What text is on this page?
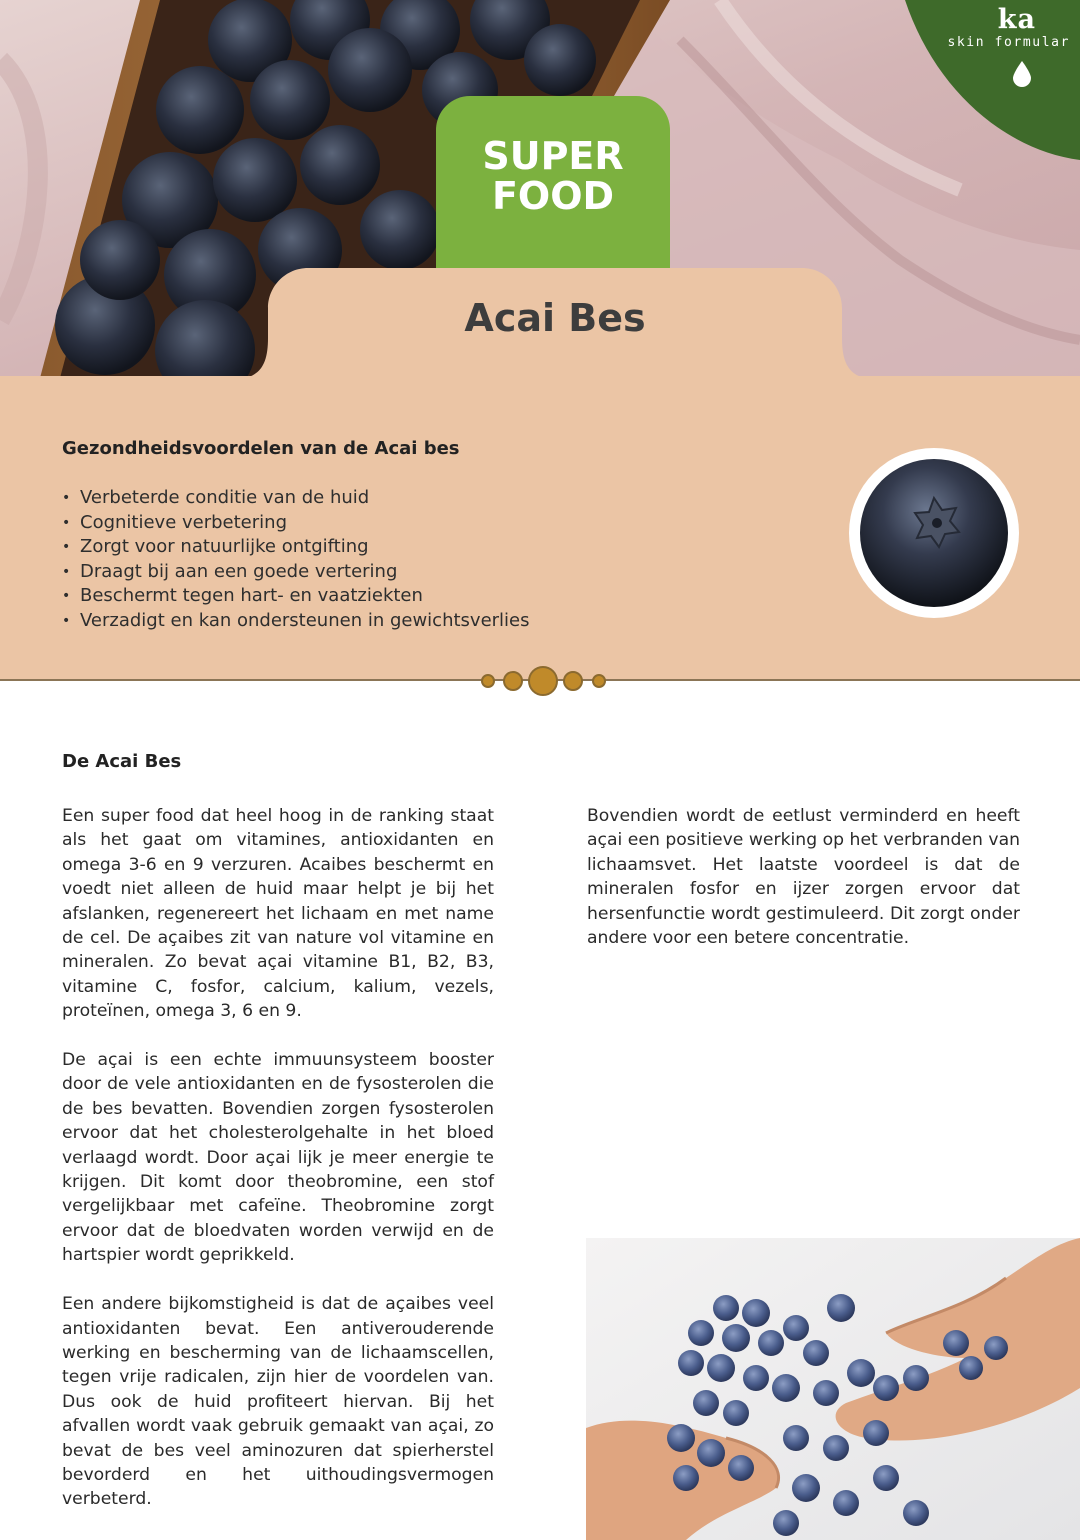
ka
skin formular
SUPER
FOOD
Acai Bes
Gezondheidsvoordelen van de Acai bes
• Verbeterde conditie van de huid
• Cognitieve verbetering
• Zorgt voor natuurlijke ontgifting
• Draagt bij aan een goede vertering
• Beschermt tegen hart- en vaatziekten
• Verzadigt en kan ondersteunen in gewichtsverlies
De Acai Bes

Een super food dat heel hoog in de ranking staat als het gaat om vitamines, antioxidanten en omega 3-6 en 9 verzuren. Acaibes beschermt en voedt niet alleen de huid maar helpt je bij het afslanken, regenereert het lichaam en met name de cel. De açaibes zit van nature vol vitamine en mineralen. Zo bevat açai vitamine B1, B2, B3, vitamine C, fosfor, calcium, kalium, vezels, proteïnen, omega 3, 6 en 9.

De açai is een echte immuunsysteem booster door de vele antioxidanten en de fysosterolen die de bes bevatten. Bovendien zorgen fysosterolen ervoor dat het cholesterolgehalte in het bloed verlaagd wordt. Door açai lijk je meer energie te krijgen. Dit komt door theobromine, een stof vergelijkbaar met cafeïne. Theobromine zorgt ervoor dat de bloedvaten worden verwijd en de hartspier wordt geprikkeld.

Een andere bijkomstigheid is dat de açaibes veel antioxidanten bevat. Een antiverouderende werking en bescherming van de lichaamscellen, tegen vrije radicalen, zijn hier de voordelen van. Dus ook de huid profiteert hiervan. Bij het afvallen wordt vaak gebruik gemaakt van açai, zo bevat de bes veel aminozuren dat spierherstel bevorderd en het uithoudingsvermogen verbeterd.

Bovendien wordt de eetlust verminderd en heeft açai een positieve werking op het verbranden van lichaamsvet. Het laatste voordeel is dat de mineralen fosfor en ijzer zorgen ervoor dat hersenfunctie wordt gestimuleerd. Dit zorgt onder andere voor een betere concentratie.
